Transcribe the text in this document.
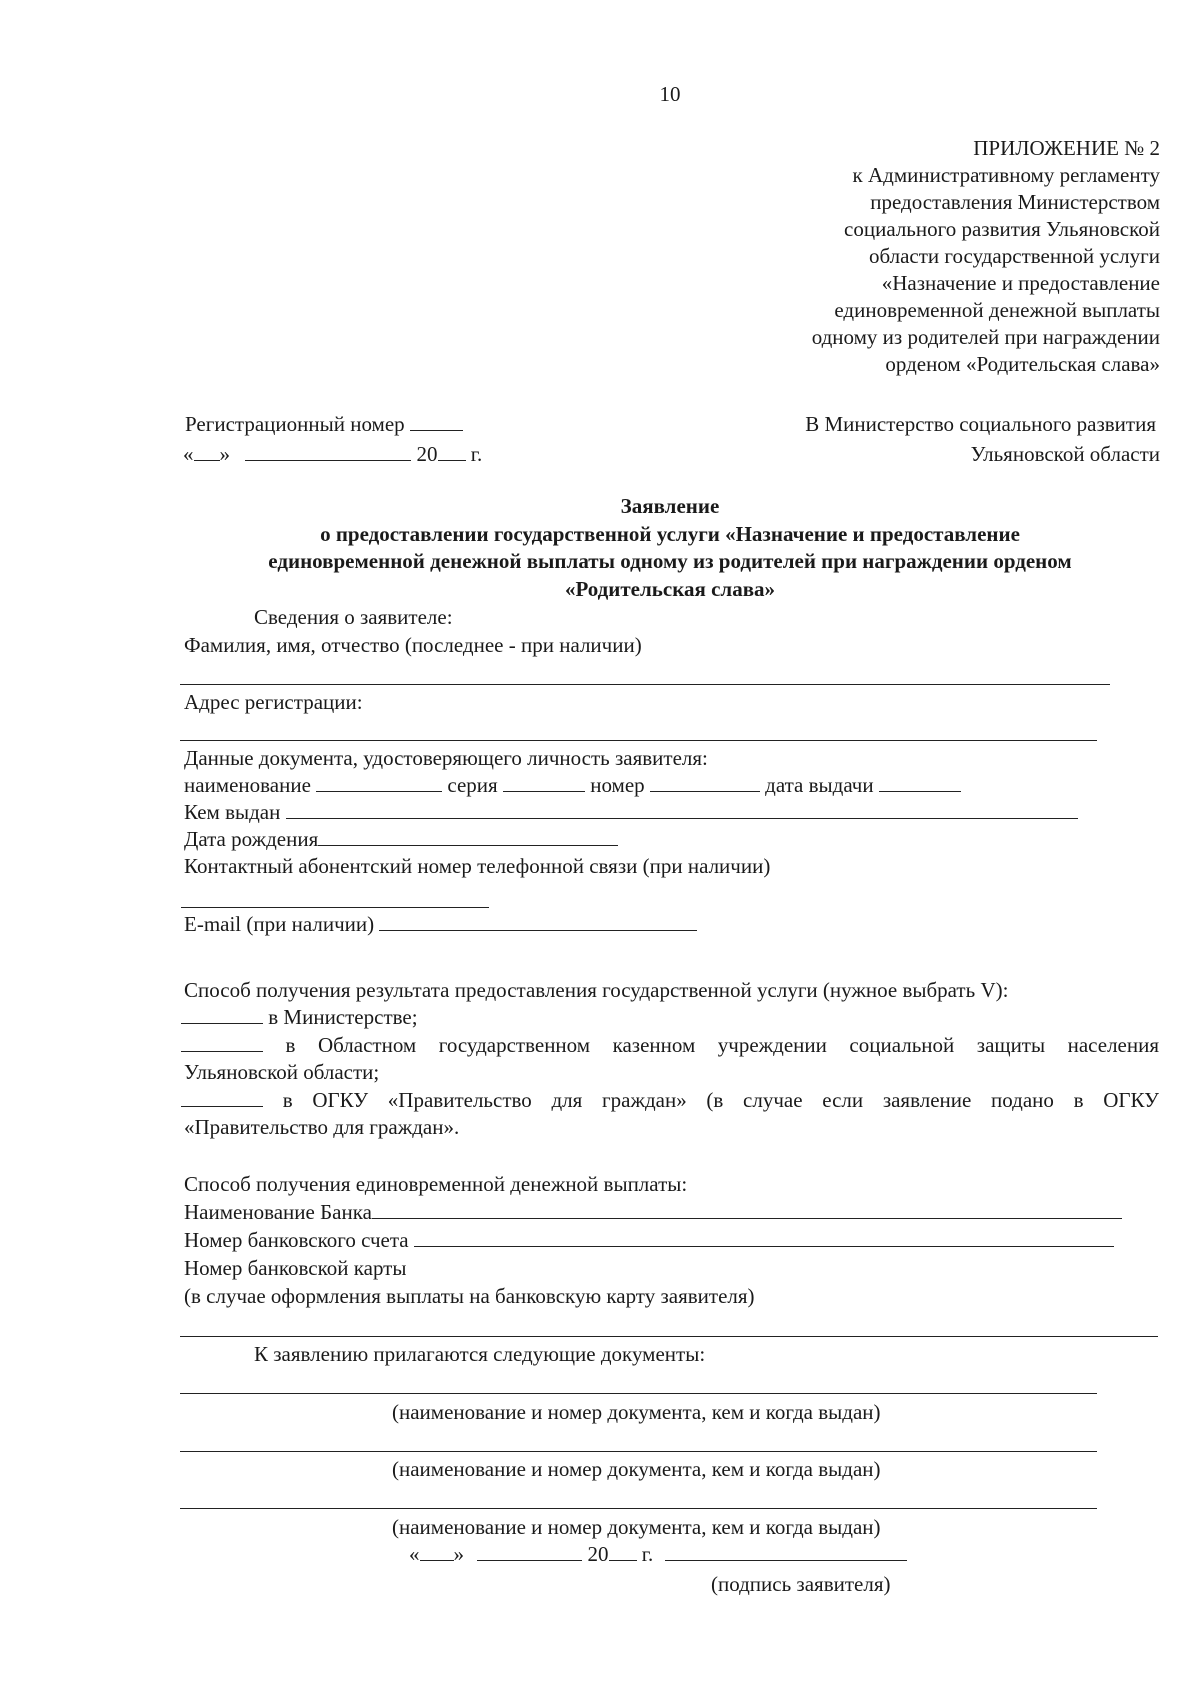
10
ПРИЛОЖЕНИЕ № 2
к Административному регламенту
предоставления Министерством
социального развития Ульяновской
области государственной услуги
«Назначение и предоставление
единовременной денежной выплаты
одному из родителей при награждении
орденом «Родительская слава»
Регистрационный номер
« »	20 г.
В Министерство социального развития
Ульяновской области
Заявление
о предоставлении государственной услуги «Назначение и предоставление
единовременной денежной выплаты одному из родителей при награждении орденом
«Родительская слава»
Сведения о заявителе:
Фамилия, имя, отчество (последнее - при наличии)
Адрес регистрации:
Данные документа, удостоверяющего личность заявителя:
наименование	серия	номер	дата выдачи
Кем выдан
Дата рождения
Контактный абонентский номер телефонной связи (при наличии)
E-mail (при наличии)
Способ получения результата предоставления государственной услуги (нужное выбрать V):
в Министерстве;
в Областном государственном казенном учреждении социальной защиты населения
Ульяновской области;
в ОГКУ «Правительство для граждан» (в случае если заявление подано в ОГКУ
«Правительство для граждан».
Способ получения единовременной денежной выплаты:
Наименование Банка
Номер банковского счета
Номер банковской карты
(в случае оформления выплаты на банковскую карту заявителя)
К заявлению прилагаются следующие документы:
(наименование и номер документа, кем и когда выдан)
(наименование и номер документа, кем и когда выдан)
(наименование и номер документа, кем и когда выдан)
« »	20 г.
(подпись заявителя)
